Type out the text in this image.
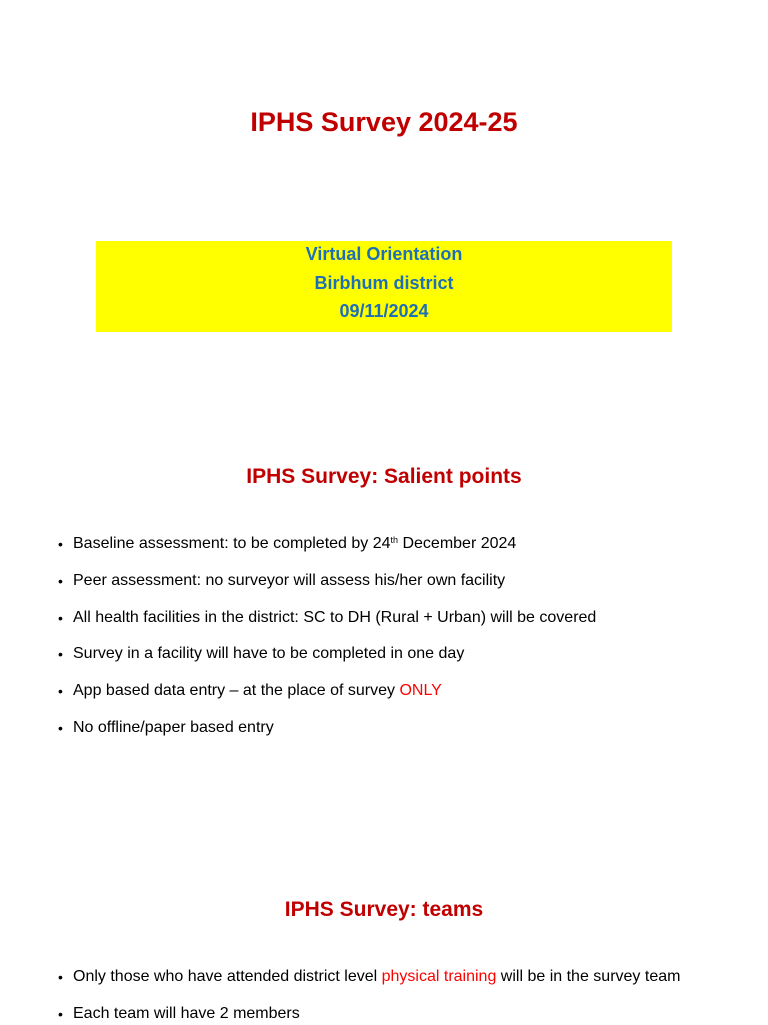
IPHS Survey 2024-25
Virtual Orientation
Birbhum district
09/11/2024
IPHS Survey: Salient points
• Baseline assessment: to be completed by 24th December 2024
• Peer assessment: no surveyor will assess his/her own facility
• All health facilities in the district: SC to DH (Rural + Urban) will be covered
• Survey in a facility will have to be completed in one day
• App based data entry – at the place of survey ONLY
• No offline/paper based entry
IPHS Survey: teams
• Only those who have attended district level physical training will be in the survey team
• Each team will have 2 members
